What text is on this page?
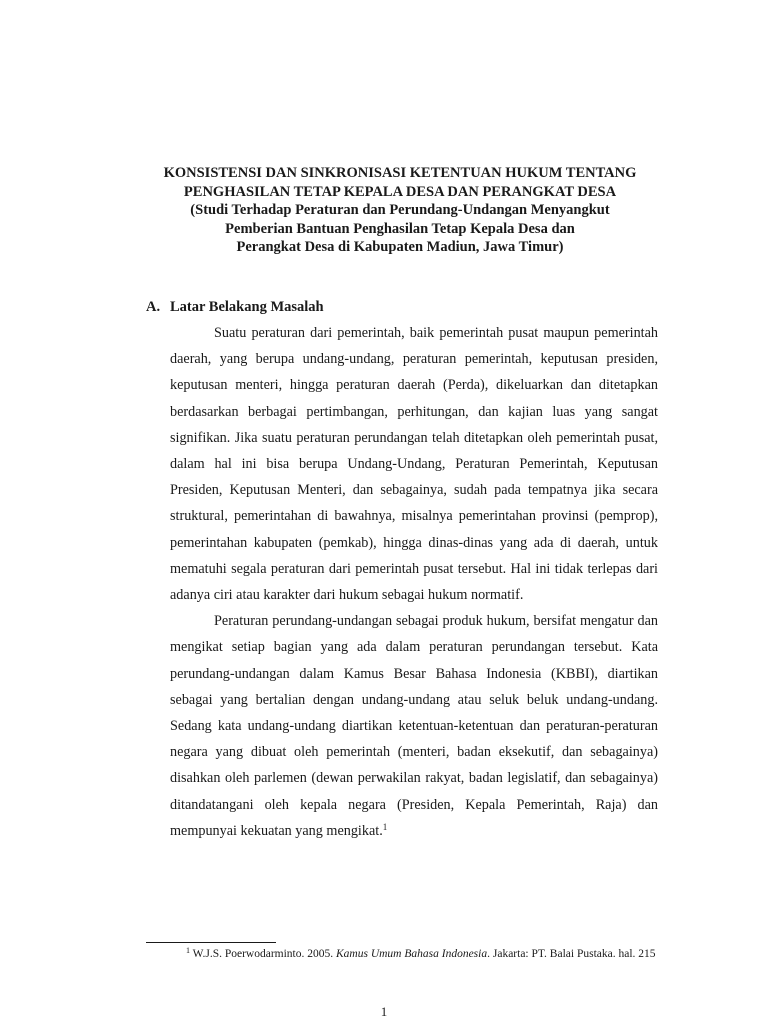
KONSISTENSI DAN SINKRONISASI KETENTUAN HUKUM TENTANG
PENGHASILAN TETAP KEPALA DESA DAN PERANGKAT DESA
(Studi Terhadap Peraturan dan Perundang-Undangan Menyangkut
Pemberian Bantuan Penghasilan Tetap Kepala Desa dan
Perangkat Desa di Kabupaten Madiun, Jawa Timur)
A. Latar Belakang Masalah

Suatu peraturan dari pemerintah, baik pemerintah pusat maupun pemerintah daerah, yang berupa undang-undang, peraturan pemerintah, keputusan presiden, keputusan menteri, hingga peraturan daerah (Perda), dikeluarkan dan ditetapkan berdasarkan berbagai pertimbangan, perhitungan, dan kajian luas yang sangat signifikan. Jika suatu peraturan perundangan telah ditetapkan oleh pemerintah pusat, dalam hal ini bisa berupa Undang-Undang, Peraturan Pemerintah, Keputusan Presiden, Keputusan Menteri, dan sebagainya, sudah pada tempatnya jika secara struktural, pemerintahan di bawahnya, misalnya pemerintahan provinsi (pemprop), pemerintahan kabupaten (pemkab), hingga dinas-dinas yang ada di daerah, untuk mematuhi segala peraturan dari pemerintah pusat tersebut. Hal ini tidak terlepas dari adanya ciri atau karakter dari hukum sebagai hukum normatif.

Peraturan perundang-undangan sebagai produk hukum, bersifat mengatur dan mengikat setiap bagian yang ada dalam peraturan perundangan tersebut. Kata perundang-undangan dalam Kamus Besar Bahasa Indonesia (KBBI), diartikan sebagai yang bertalian dengan undang-undang atau seluk beluk undang-undang. Sedang kata undang-undang diartikan ketentuan-ketentuan dan peraturan-peraturan negara yang dibuat oleh pemerintah (menteri, badan eksekutif, dan sebagainya) disahkan oleh parlemen (dewan perwakilan rakyat, badan legislatif, dan sebagainya) ditandatangani oleh kepala negara (Presiden, Kepala Pemerintah, Raja) dan mempunyai kekuatan yang mengikat.$^1$

$^1$ W.J.S. Poerwodarminto. 2005. Kamus Umum Bahasa Indonesia. Jakarta: PT. Balai Pustaka. hal. 215
1
